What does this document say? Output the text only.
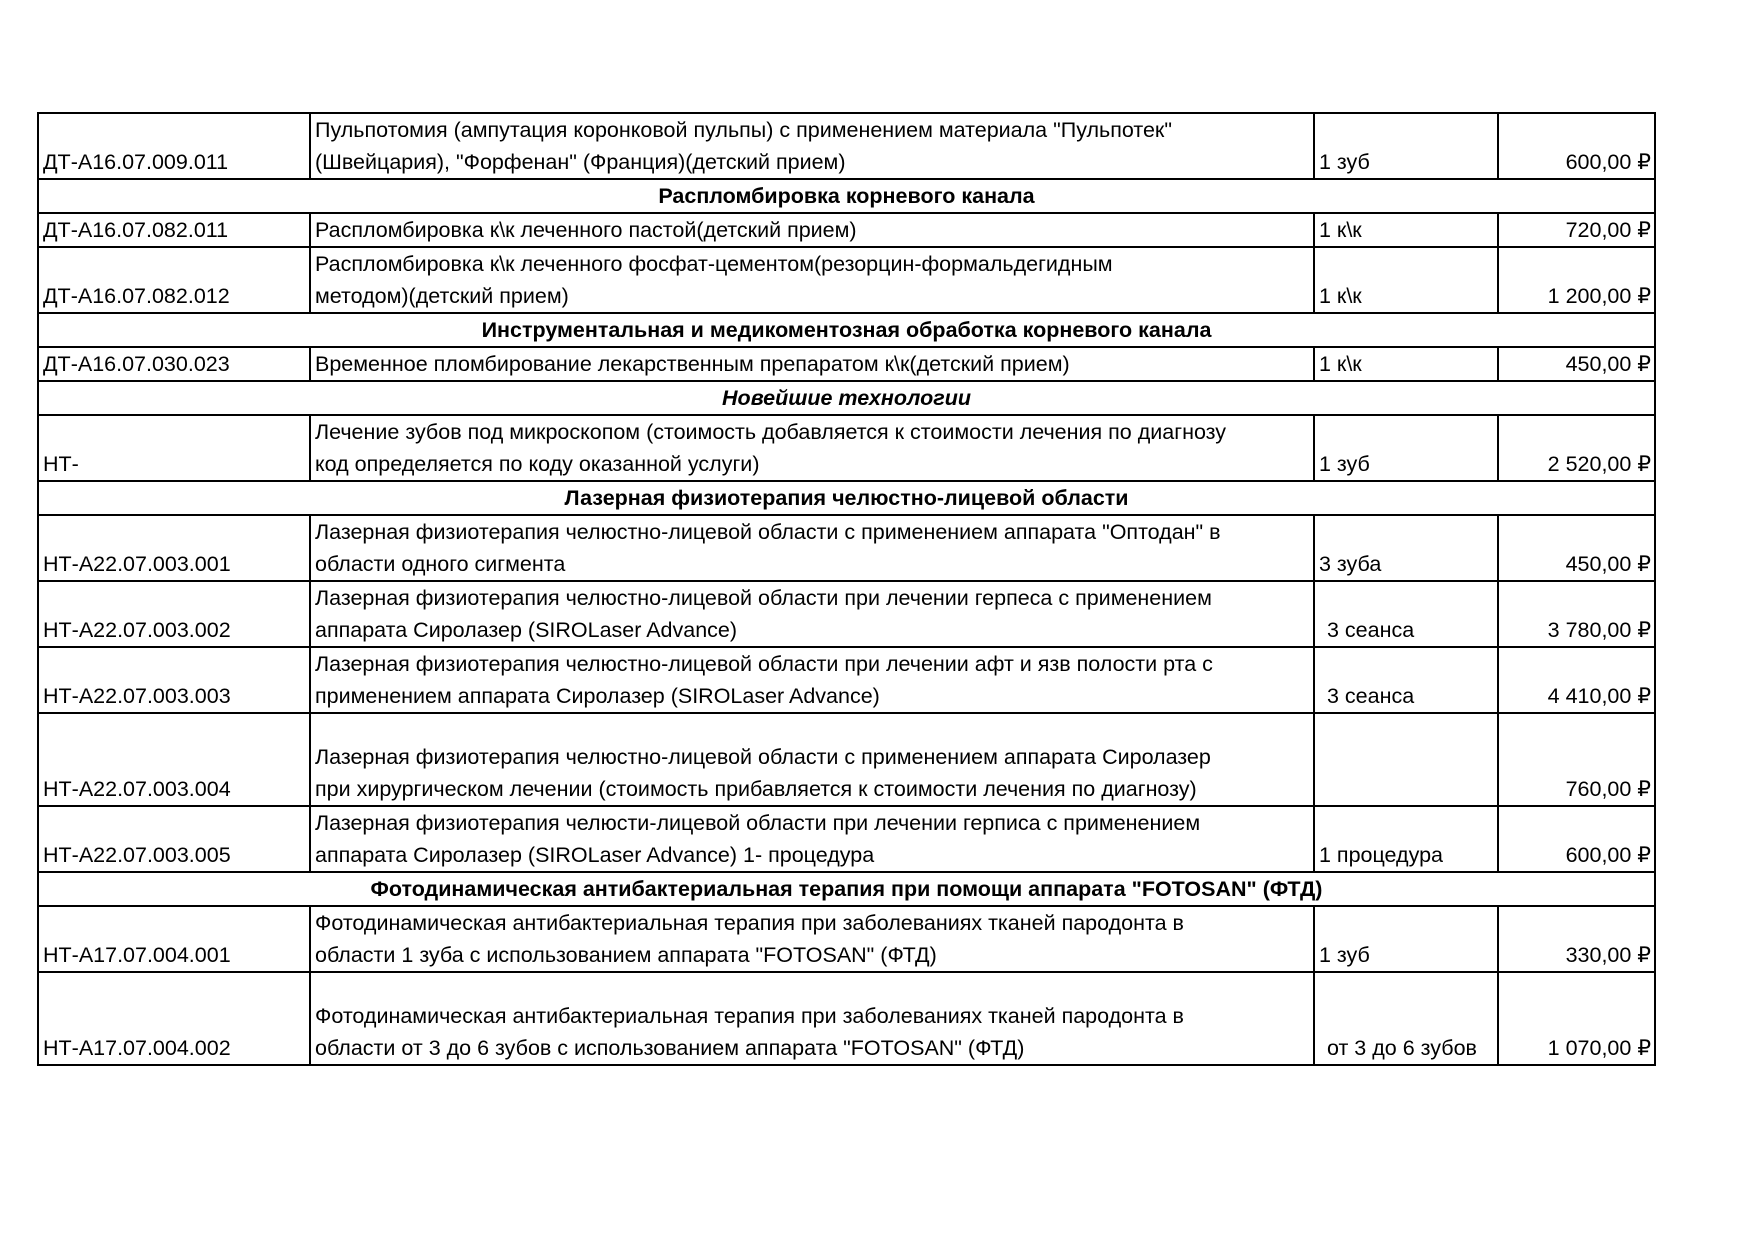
ДТ-А16.07.009.011	Пульпотомия (ампутация коронковой пульпы) с применением материала "Пульпотек"
(Швейцария), "Форфенан" (Франция)(детский прием)	1 зуб	600,00 ₽
Распломбировка корневого канала			
ДТ-А16.07.082.011	Распломбировка к\к леченного пастой(детский прием)	1 к\к	720,00 ₽
ДТ-А16.07.082.012	Распломбировка к\к леченного фосфат-цементом(резорцин-формальдегидным
методом)(детский прием)	1 к\к	1 200,00 ₽
Инструментальная и медикоментозная обработка корневого канала			
ДТ-А16.07.030.023	Временное пломбирование лекарственным препаратом к\к(детский прием)	1 к\к	450,00 ₽
Новейшие технологии			
НТ-	Лечение зубов под микроскопом (стоимость добавляется к стоимости лечения по диагнозу
код определяется по коду оказанной услуги)	1 зуб	2 520,00 ₽
Лазерная физиотерапия челюстно-лицевой области			
НТ-А22.07.003.001	Лазерная физиотерапия челюстно-лицевой области с применением аппарата "Оптодан" в
области одного сигмента	3 зуба	450,00 ₽
НТ-А22.07.003.002	Лазерная физиотерапия челюстно-лицевой области при лечении герпеса с применением
аппарата Сиролазер (SIROLaser Advance)	3 сеанса	3 780,00 ₽
НТ-А22.07.003.003	Лазерная физиотерапия челюстно-лицевой области при лечении афт и язв полости рта с
применением аппарата Сиролазер (SIROLaser Advance)	3 сеанса	4 410,00 ₽
НТ-А22.07.003.004	Лазерная физиотерапия челюстно-лицевой области с применением аппарата Сиролазер
при хирургическом лечении (стоимость прибавляется к стоимости лечения по диагнозу)		760,00 ₽
НТ-А22.07.003.005	Лазерная физиотерапия челюсти-лицевой области при лечении герписа с применением
аппарата Сиролазер (SIROLaser Advance) 1- процедура	1 процедура	600,00 ₽
Фотодинамическая антибактериальная терапия при помощи аппарата "FOTOSAN" (ФТД)			
НТ-А17.07.004.001	Фотодинамическая антибактериальная терапия при заболеваниях тканей пародонта в
области 1 зуба с использованием аппарата "FOTOSAN" (ФТД)	1 зуб	330,00 ₽
НТ-А17.07.004.002	Фотодинамическая антибактериальная терапия при заболеваниях тканей пародонта в
области от 3 до 6 зубов с использованием аппарата "FOTOSAN" (ФТД)	от 3 до 6 зубов	1 070,00 ₽
